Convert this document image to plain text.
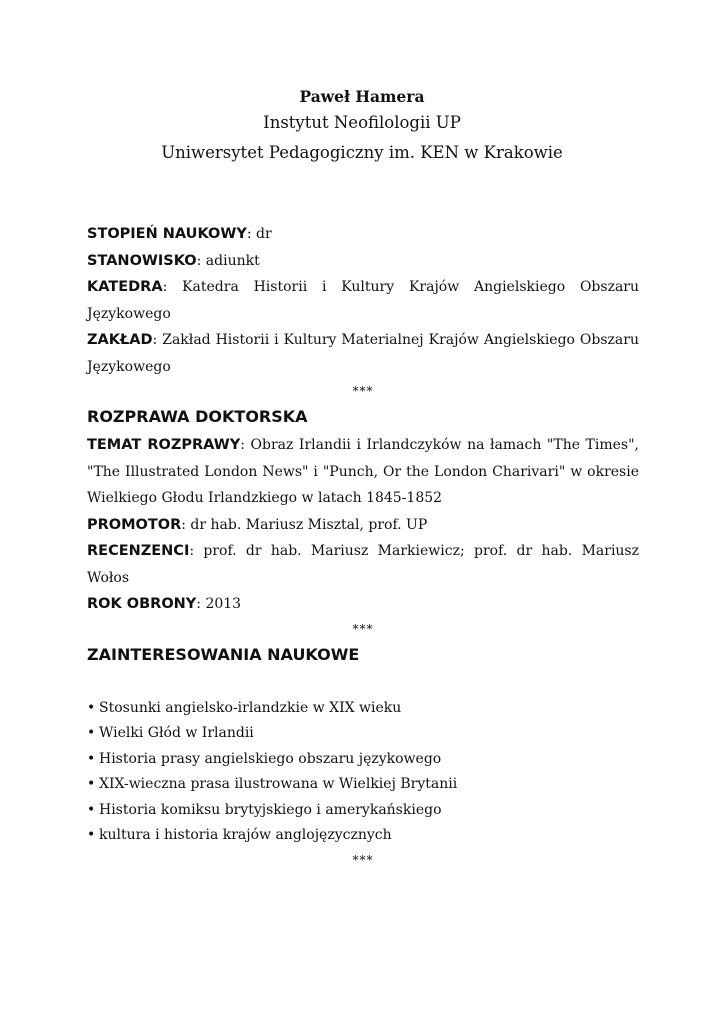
Paweł Hamera
Instytut Neofilologii UP
Uniwersytet Pedagogiczny im. KEN w Krakowie
STOPIEŃ NAUKOWY: dr
STANOWISKO: adiunkt
KATEDRA: Katedra Historii i Kultury Krajów Angielskiego Obszaru Językowego
ZAKŁAD: Zakład Historii i Kultury Materialnej Krajów Angielskiego Obszaru Językowego
***
ROZPRAWA DOKTORSKA
TEMAT ROZPRAWY: Obraz Irlandii i Irlandczyków na łamach "The Times", "The Illustrated London News" i "Punch, Or the London Charivari" w okresie Wielkiego Głodu Irlandzkiego w latach 1845-1852
PROMOTOR: dr hab. Mariusz Misztal, prof. UP
RECENZENCI: prof. dr hab. Mariusz Markiewicz; prof. dr hab. Mariusz Wołos
ROK OBRONY: 2013
***
ZAINTERESOWANIA NAUKOWE
• Stosunki angielsko-irlandzkie w XIX wieku
• Wielki Głód w Irlandii
• Historia prasy angielskiego obszaru językowego
• XIX-wieczna prasa ilustrowana w Wielkiej Brytanii
• Historia komiksu brytyjskiego i amerykańskiego
• kultura i historia krajów anglojęzycznych
***
